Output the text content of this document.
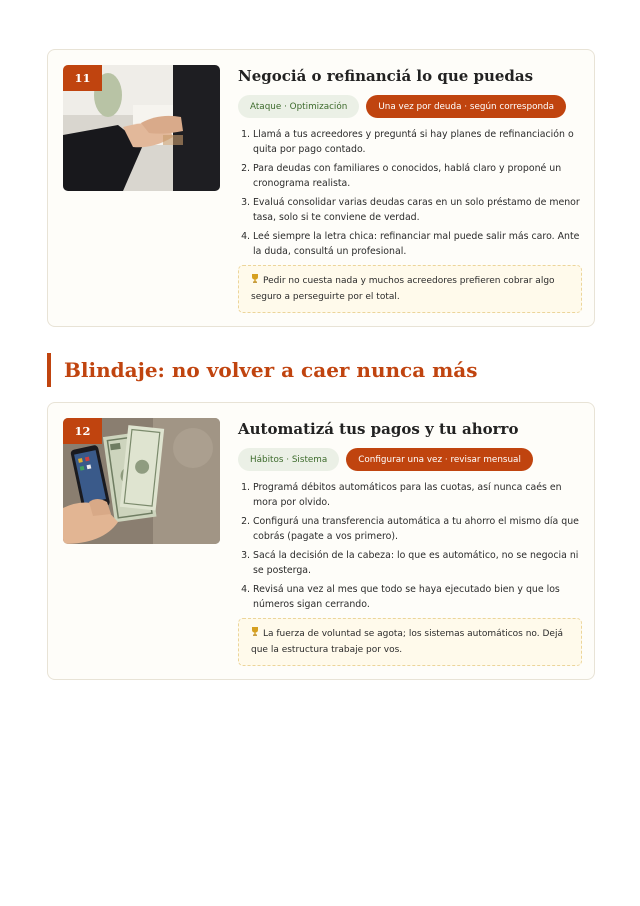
11	Negociá o refinanciá lo que puedas
Ataque · Optimización	Una vez por deuda · según corresponda
1. Llamá a tus acreedores y preguntá si hay planes de refinanciación o quita por pago contado.
2. Para deudas con familiares o conocidos, hablá claro y proponé un cronograma realista.
3. Evaluá consolidar varias deudas caras en un solo préstamo de menor tasa, solo si te conviene de verdad.
4. Leé siempre la letra chica: refinanciar mal puede salir más caro. Ante la duda, consultá un profesional.
Pedir no cuesta nada y muchos acreedores prefieren cobrar algo seguro a perseguirte por el total.
Blindaje: no volver a caer nunca más
12	Automatizá tus pagos y tu ahorro
Hábitos · Sistema	Configurar una vez · revisar mensual
1. Programá débitos automáticos para las cuotas, así nunca caés en mora por olvido.
2. Configurá una transferencia automática a tu ahorro el mismo día que cobrás (pagate a vos primero).
3. Sacá la decisión de la cabeza: lo que es automático, no se negocia ni se posterga.
4. Revisá una vez al mes que todo se haya ejecutado bien y que los números sigan cerrando.
La fuerza de voluntad se agota; los sistemas automáticos no. Dejá que la estructura trabaje por vos.
